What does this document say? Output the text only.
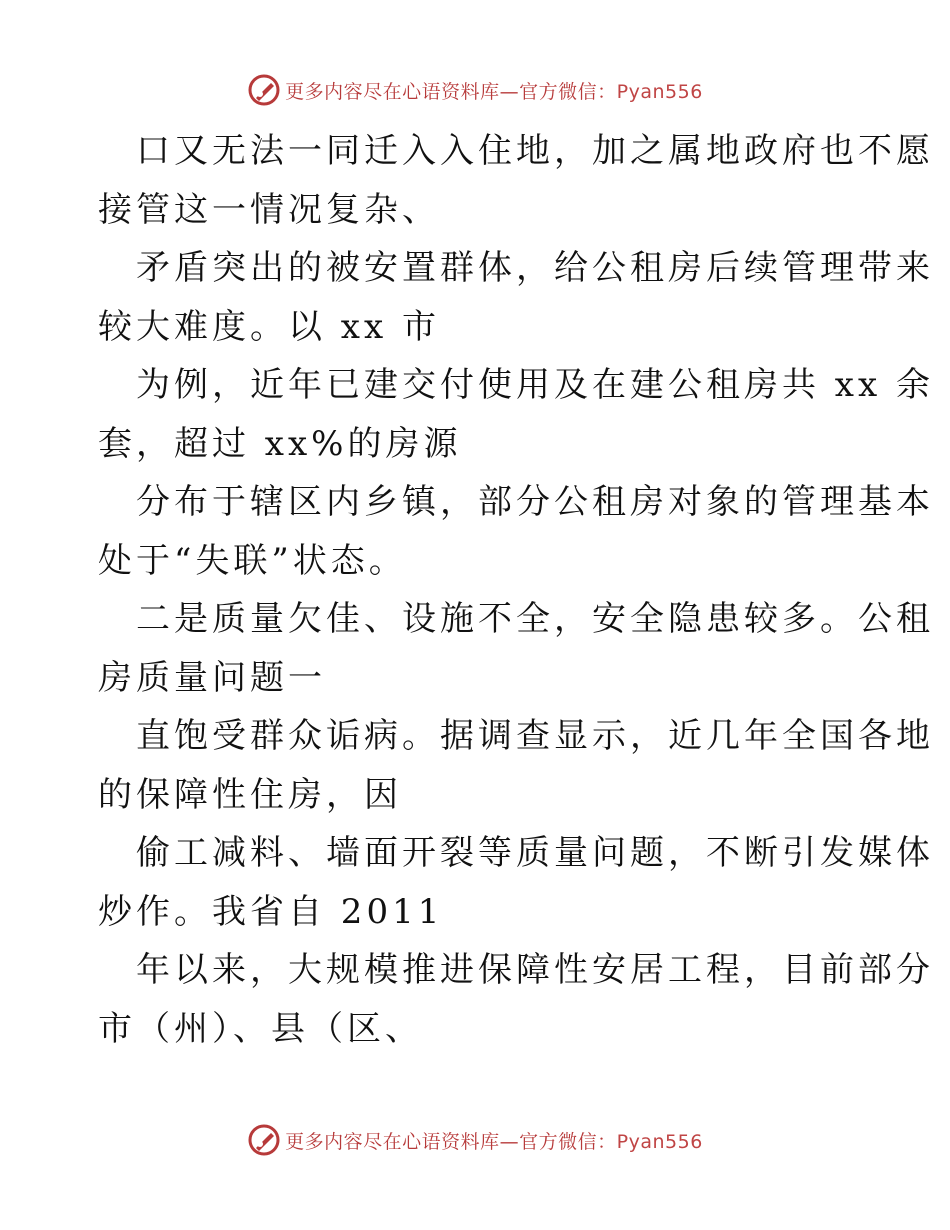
更多内容尽在心语资料库—官方微信：Pyan556
口又无法一同迁入入住地，加之属地政府也不愿
接管这一情况复杂、
矛盾突出的被安置群体，给公租房后续管理带来
较大难度。以 xx 市
为例，近年已建交付使用及在建公租房共 xx 余
套，超过 xx%的房源
分布于辖区内乡镇，部分公租房对象的管理基本
处于“失联”状态。
二是质量欠佳、设施不全，安全隐患较多。公租
房质量问题一
直饱受群众诟病。据调查显示，近几年全国各地
的保障性住房，因
偷工减料、墙面开裂等质量问题，不断引发媒体
炒作。我省自 2011
年以来，大规模推进保障性安居工程，目前部分
市（州）、县（区、
更多内容尽在心语资料库—官方微信：Pyan556
